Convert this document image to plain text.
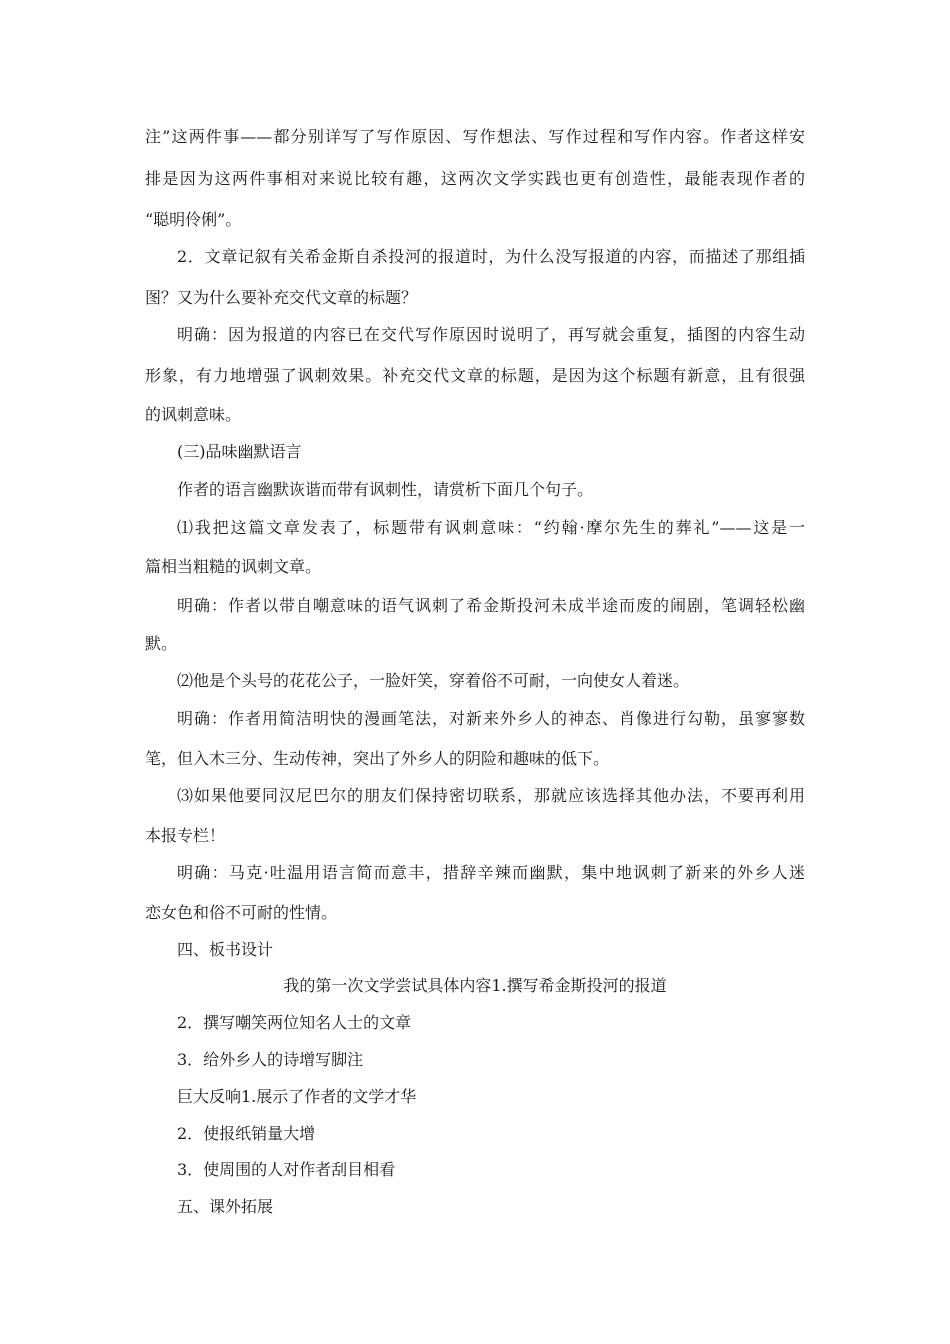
注”这两件事——都分别详写了写作原因、写作想法、写作过程和写作内容。作者这样安
排是因为这两件事相对来说比较有趣，这两次文学实践也更有创造性，最能表现作者的
“聪明伶俐”。
2．文章记叙有关希金斯自杀投河的报道时，为什么没写报道的内容，而描述了那组插
图？又为什么要补充交代文章的标题？
明确：因为报道的内容已在交代写作原因时说明了，再写就会重复，插图的内容生动
形象，有力地增强了讽刺效果。补充交代文章的标题，是因为这个标题有新意，且有很强
的讽刺意味。
(三)品味幽默语言
作者的语言幽默诙谐而带有讽刺性，请赏析下面几个句子。
⑴我把这篇文章发表了，标题带有讽刺意味：“约翰·摩尔先生的葬礼”——这是一
篇相当粗糙的讽刺文章。
明确：作者以带自嘲意味的语气讽刺了希金斯投河未成半途而废的闹剧，笔调轻松幽
默。
⑵他是个头号的花花公子，一脸奸笑，穿着俗不可耐，一向使女人着迷。
明确：作者用简洁明快的漫画笔法，对新来外乡人的神态、肖像进行勾勒，虽寥寥数
笔，但入木三分、生动传神，突出了外乡人的阴险和趣味的低下。
⑶如果他要同汉尼巴尔的朋友们保持密切联系，那就应该选择其他办法，不要再利用
本报专栏！
明确：马克·吐温用语言简而意丰，措辞辛辣而幽默，集中地讽刺了新来的外乡人迷
恋女色和俗不可耐的性情。
四、板书设计
我的第一次文学尝试具体内容1.撰写希金斯投河的报道
2．撰写嘲笑两位知名人士的文章
3．给外乡人的诗增写脚注
巨大反响1.展示了作者的文学才华
2．使报纸销量大增
3．使周围的人对作者刮目相看
五、课外拓展
